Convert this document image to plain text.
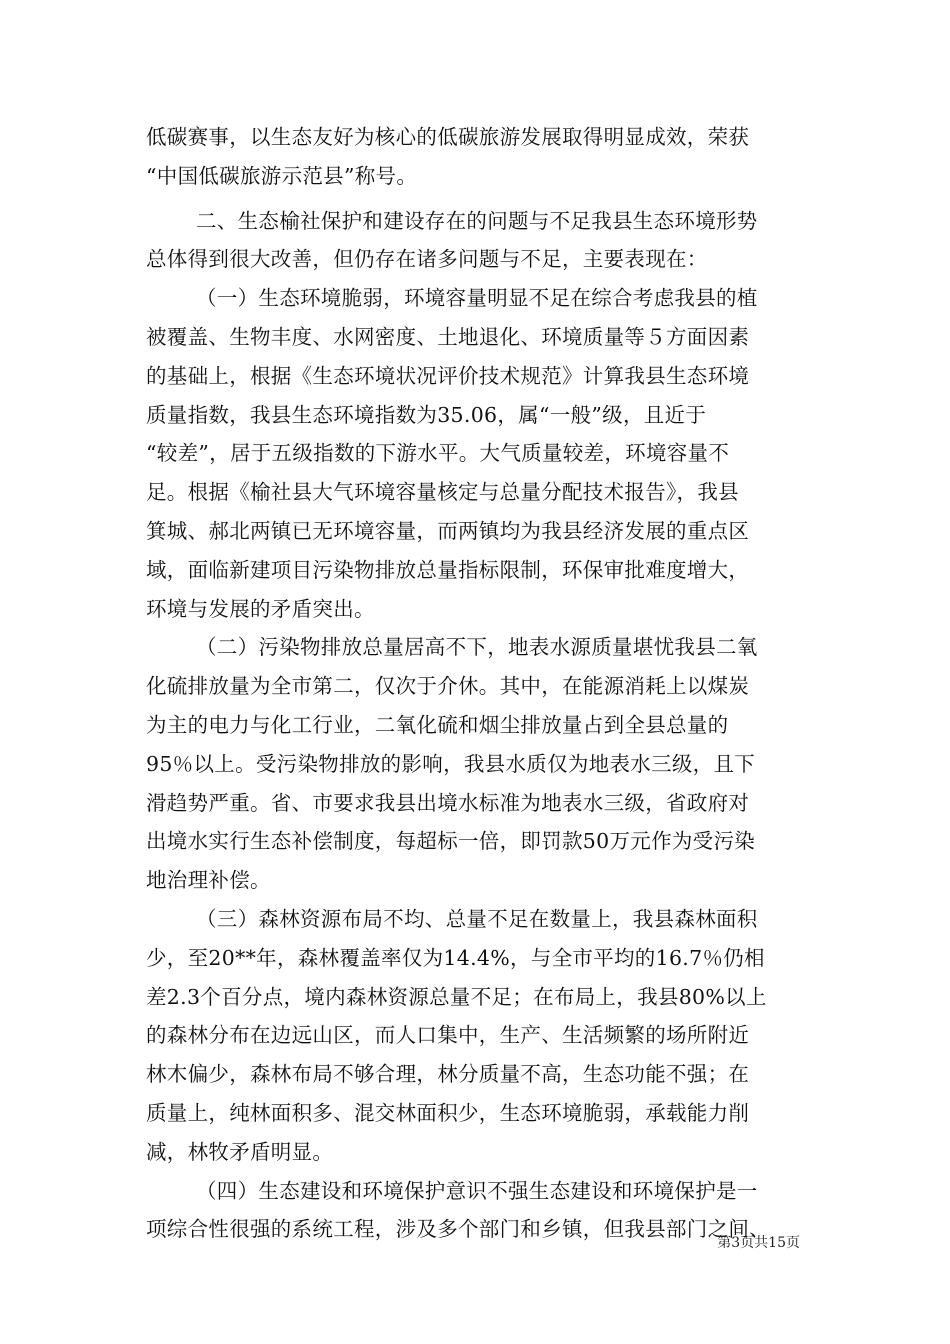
低碳赛事，以生态友好为核心的低碳旅游发展取得明显成效，荣获
“中国低碳旅游示范县”称号。
二、生态榆社保护和建设存在的问题与不足我县生态环境形势
总体得到很大改善，但仍存在诸多问题与不足，主要表现在：
（一）生态环境脆弱，环境容量明显不足在综合考虑我县的植
被覆盖、生物丰度、水网密度、土地退化、环境质量等５方面因素
的基础上，根据《生态环境状况评价技术规范》计算我县生态环境
质量指数，我县生态环境指数为35.06，属“一般”级，且近于
“较差”，居于五级指数的下游水平。大气质量较差，环境容量不
足。根据《榆社县大气环境容量核定与总量分配技术报告》，我县
箕城、郝北两镇已无环境容量，而两镇均为我县经济发展的重点区
域，面临新建项目污染物排放总量指标限制，环保审批难度增大，
环境与发展的矛盾突出。
（二）污染物排放总量居高不下，地表水源质量堪忧我县二氧
化硫排放量为全市第二，仅次于介休。其中，在能源消耗上以煤炭
为主的电力与化工行业，二氧化硫和烟尘排放量占到全县总量的
95％以上。受污染物排放的影响，我县水质仅为地表水三级，且下
滑趋势严重。省、市要求我县出境水标准为地表水三级，省政府对
出境水实行生态补偿制度，每超标一倍，即罚款50万元作为受污染
地治理补偿。
（三）森林资源布局不均、总量不足在数量上，我县森林面积
少，至20**年，森林覆盖率仅为14.4%，与全市平均的16.7％仍相
差2.3个百分点，境内森林资源总量不足；在布局上，我县80%以上
的森林分布在边远山区，而人口集中，生产、生活频繁的场所附近
林木偏少，森林布局不够合理，林分质量不高，生态功能不强；在
质量上，纯林面积多、混交林面积少，生态环境脆弱，承载能力削
减，林牧矛盾明显。
（四）生态建设和环境保护意识不强生态建设和环境保护是一
项综合性很强的系统工程，涉及多个部门和乡镇，但我县部门之间、
第3页共15页
